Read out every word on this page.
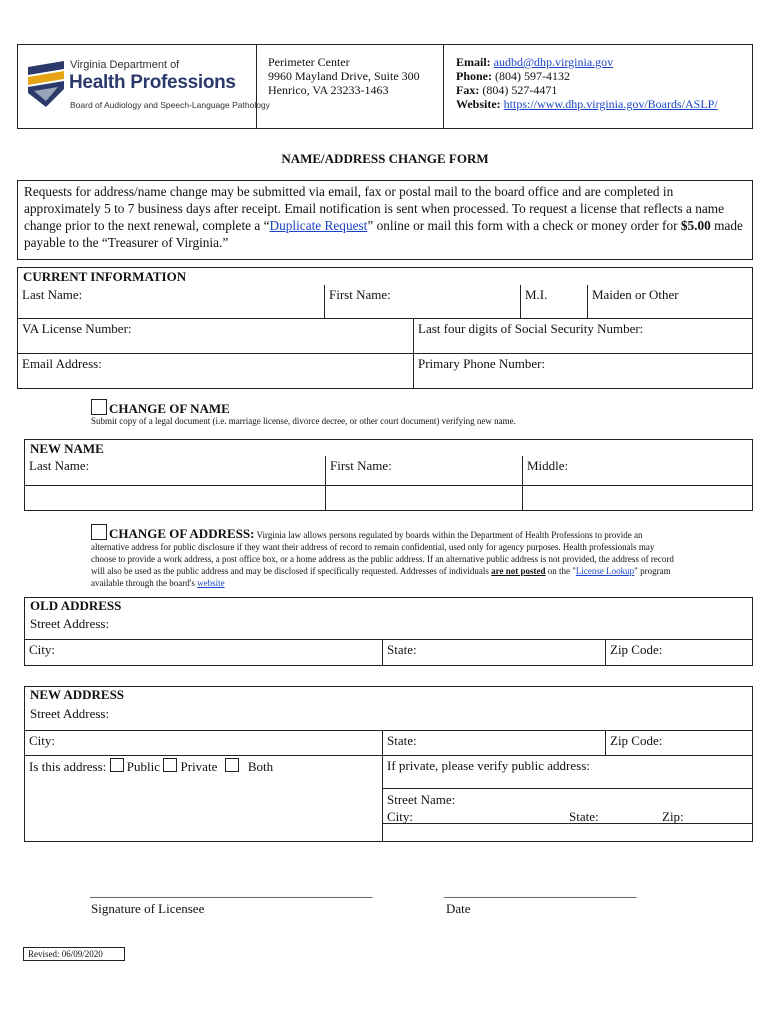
Virginia Department of
Health Professions
Board of Audiology and Speech-Language Pathology
Perimeter Center
9960 Mayland Drive, Suite 300
Henrico, VA 23233-1463
Email: audbd@dhp.virginia.gov
Phone: (804) 597-4132
Fax: (804) 527-4471
Website: https://www.dhp.virginia.gov/Boards/ASLP/
NAME/ADDRESS CHANGE FORM
Requests for address/name change may be submitted via email, fax or postal mail to the board office and are completed in approximately 5 to 7 business days after receipt. Email notification is sent when processed. To request a license that reflects a name change prior to the next renewal, complete a “Duplicate Request” online or mail this form with a check or money order for $5.00 made payable to the “Treasurer of Virginia.”
CURRENT INFORMATION
Last Name:	First Name:	M.I.	Maiden or Other
VA License Number:	Last four digits of Social Security Number:
Email Address:	Primary Phone Number:
CHANGE OF NAME
Submit copy of a legal document (i.e. marriage license, divorce decree, or other court document) verifying new name.
NEW NAME
Last Name:	First Name:	Middle:
CHANGE OF ADDRESS: Virginia law allows persons regulated by boards within the Department of Health Professions to provide an alternative address for public disclosure if they want their address of record to remain confidential, used only for agency purposes. Health professionals may choose to provide a work address, a post office box, or a home address as the public address. If an alternative public address is not provided, the address of record will also be used as the public address and may be disclosed if specifically requested. Addresses of individuals are not posted on the "License Lookup" program available through the board's website
OLD ADDRESS
Street Address:
City:	State:	Zip Code:
NEW ADDRESS
Street Address:
City:	State:	Zip Code:
Is this address: Public Private Both	If private, please verify public address:
Street Name:
City:	State:	Zip:
_______________________________________________
Signature of Licensee
________________________________
Date
Revised: 06/09/2020
